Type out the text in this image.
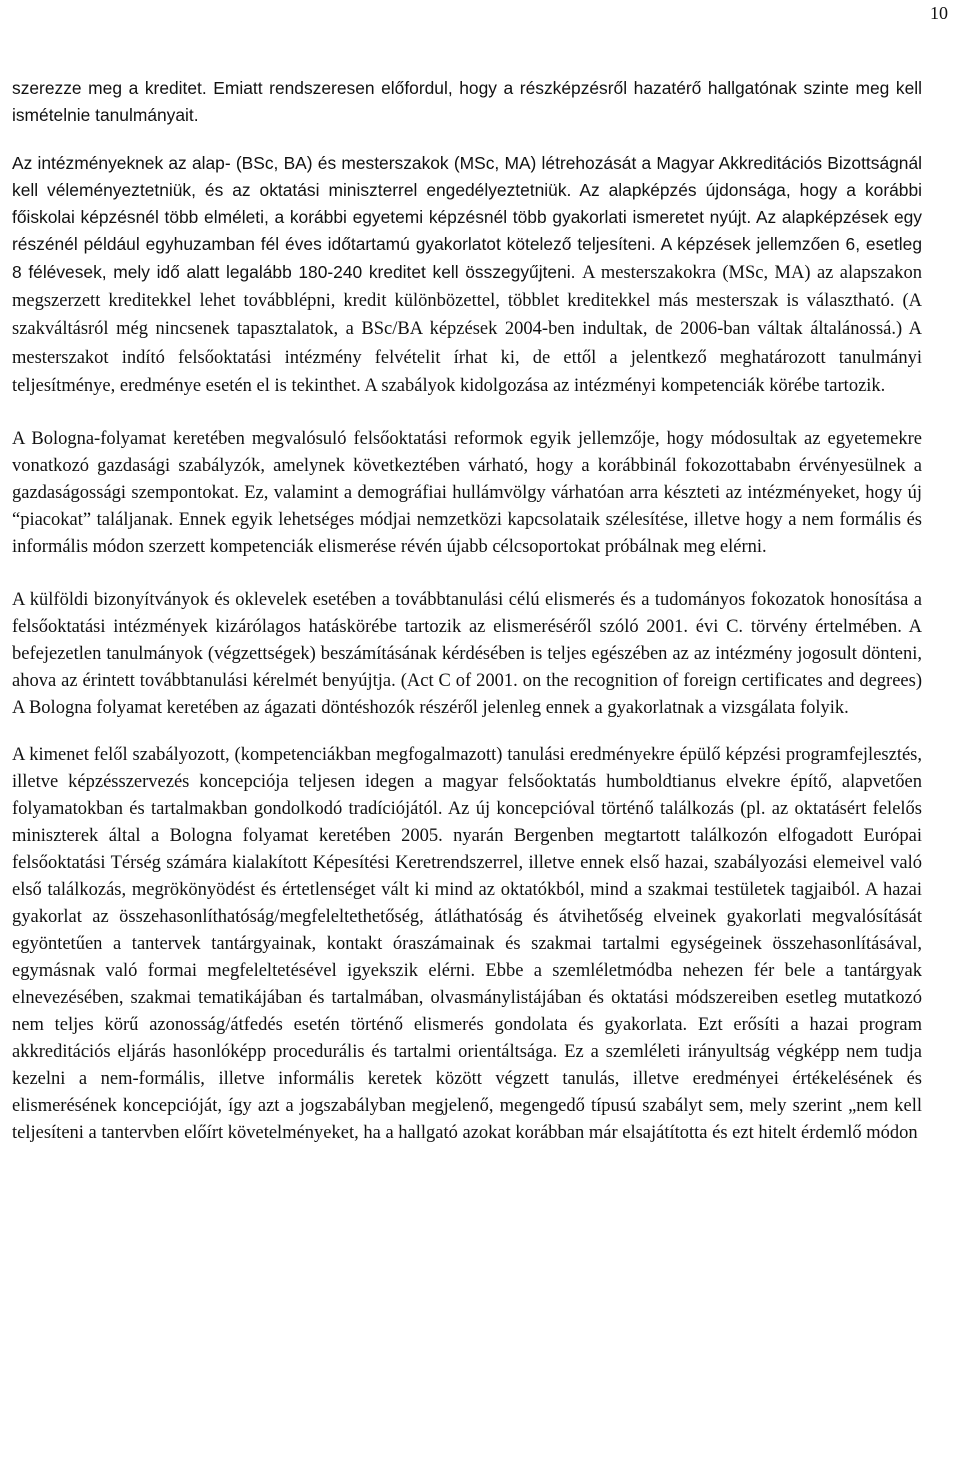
10

szerezze meg a kreditet. Emiatt rendszeresen előfordul, hogy a részképzésről hazatérő hallgatónak szinte meg kell ismételnie tanulmányait.

Az intézményeknek az alap- (BSc, BA) és mesterszakok (MSc, MA) létrehozását a Magyar Akkreditációs Bizottságnál kell véleményeztetniük, és az oktatási miniszterrel engedélyeztetniük. Az alapképzés újdonsága, hogy a korábbi főiskolai képzésnél több elméleti, a korábbi egyetemi képzésnél több gyakorlati ismeretet nyújt. Az alapképzések egy részénél például egyhuzamban fél éves időtartamú gyakorlatot kötelező teljesíteni. A képzések jellemzően 6, esetleg 8 félévesek, mely idő alatt legalább 180-240 kreditet kell összegyűjteni. A mesterszakokra (MSc, MA) az alapszakon megszerzett kreditekkel lehet továbblépni, kredit különbözettel, többlet kreditekkel más mesterszak is választható. (A szakváltásról még nincsenek tapasztalatok, a BSc/BA képzések 2004-ben indultak, de 2006-ban váltak általánossá.) A mesterszakot indító felsőoktatási intézmény felvételit írhat ki, de ettől a jelentkező meghatározott tanulmányi teljesítménye, eredménye esetén el is tekinthet. A szabályok kidolgozása az intézményi kompetenciák körébe tartozik.

A Bologna-folyamat keretében megvalósuló felsőoktatási reformok egyik jellemzője, hogy módosultak az egyetemekre vonatkozó gazdasági szabályzók, amelynek következtében várható, hogy a korábbinál fokozottababn érvényesülnek a gazdaságossági szempontokat. Ez, valamint a demográfiai hullámvölgy várhatóan arra készteti az intézményeket, hogy új “piacokat” találjanak. Ennek egyik lehetséges módjai nemzetközi kapcsolataik szélesítése, illetve hogy a nem formális és informális módon szerzett kompetenciák elismerése révén újabb célcsoportokat próbálnak meg elérni.

A külföldi bizonyítványok és oklevelek esetében a továbbtanulási célú elismerés és a tudományos fokozatok honosítása a felsőoktatási intézmények kizárólagos hatáskörébe tartozik az elismeréséről szóló 2001. évi C. törvény értelmében. A befejezetlen tanulmányok (végzettségek) beszámításának kérdésében is teljes egészében az az intézmény jogosult dönteni, ahova az érintett továbbtanulási kérelmét benyújtja. (Act C of 2001. on the recognition of foreign certificates and degrees) A Bologna folyamat keretében az ágazati döntéshozók részéről jelenleg ennek a gyakorlatnak a vizsgálata folyik.

A kimenet felől szabályozott, (kompetenciákban megfogalmazott) tanulási eredményekre épülő képzési programfejlesztés, illetve képzésszervezés koncepciója teljesen idegen a magyar felsőoktatás humboldtianus elvekre építő, alapvetően folyamatokban és tartalmakban gondolkodó tradíciójától. Az új koncepcióval történő találkozás (pl. az oktatásért felelős miniszterek által a Bologna folyamat keretében 2005. nyarán Bergenben megtartott találkozón elfogadott Európai felsőoktatási Térség számára kialakított Képesítési Keretrendszerrel, illetve ennek első hazai, szabályozási elemeivel való első találkozás, megrökönyödést és értetlenséget vált ki mind az oktatókból, mind a szakmai testületek tagjaiból. A hazai gyakorlat az összehasonlíthatóság/megfeleltethetőség, átláthatóság és átvihetőség elveinek gyakorlati megvalósítását egyöntetűen a tantervek tantárgyainak, kontakt óraszámainak és szakmai tartalmi egységeinek összehasonlításával, egymásnak való formai megfeleltetésével igyekszik elérni. Ebbe a szemléletmódba nehezen fér bele a tantárgyak elnevezésében, szakmai tematikájában és tartalmában, olvasmánylistájában és oktatási módszereiben esetleg mutatkozó nem teljes körű azonosság/átfedés esetén történő elismerés gondolata és gyakorlata. Ezt erősíti a hazai program akkreditációs eljárás hasonlóképp procedurális és tartalmi orientáltsága. Ez a szemléleti irányultság végképp nem tudja kezelni a nem-formális, illetve informális keretek között végzett tanulás, illetve eredményei értékelésének és elismerésének koncepcióját, így azt a jogszabályban megjelenő, megengedő típusú szabályt sem, mely szerint „nem kell teljesíteni a tantervben előírt követelményeket, ha a hallgató azokat korábban már elsajátította és ezt hitelt érdemlő módon
